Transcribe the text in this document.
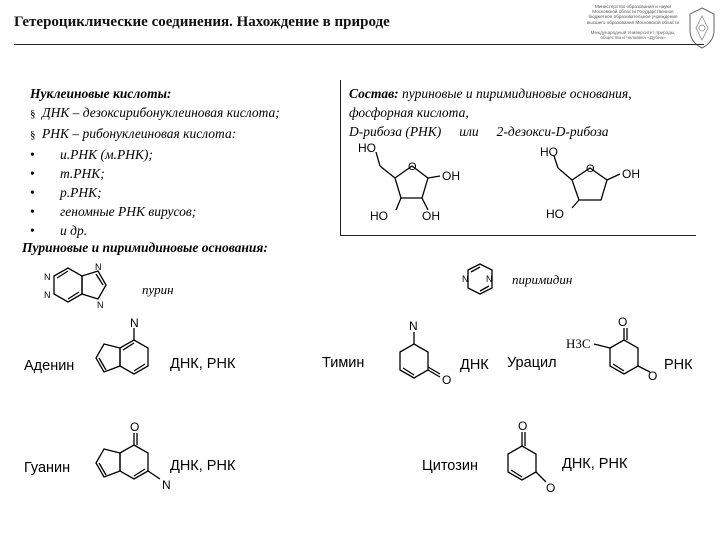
Гетероциклические соединения. Нахождение в природе
Министерство образования и науки Московской области Государственное бюджетное образовательное учреждение высшего образования Московской области
Международный Университет природы, общества и человека «Дубна»
Нуклеиновые кислоты:
§ ДНК – дезоксирибонуклеиновая кислота;
§ РНК – рибонуклеиновая кислота:
• и.РНК (м.РНК);
• т.РНК;
• р.РНК;
• геномные РНК вирусов;
• и др.
Состав: пуриновые и пиримидиновые основания,
фосфорная кислота,
D-рибоза (РНК) или 2-дезокси-D-рибоза
HO
O
OH
HO	OH
HO
O OH
HO
Пуриновые и пиримидиновые основания:
N
N
N
N
пурин
N N пиримидин
Аденин
N
ДНК, РНК
Гуанин
O
N
ДНК, РНК
Тимин
N
O
ДНК Урацил
O
H3C
O
РНК
Цитозин
O
O
ДНК, РНК
